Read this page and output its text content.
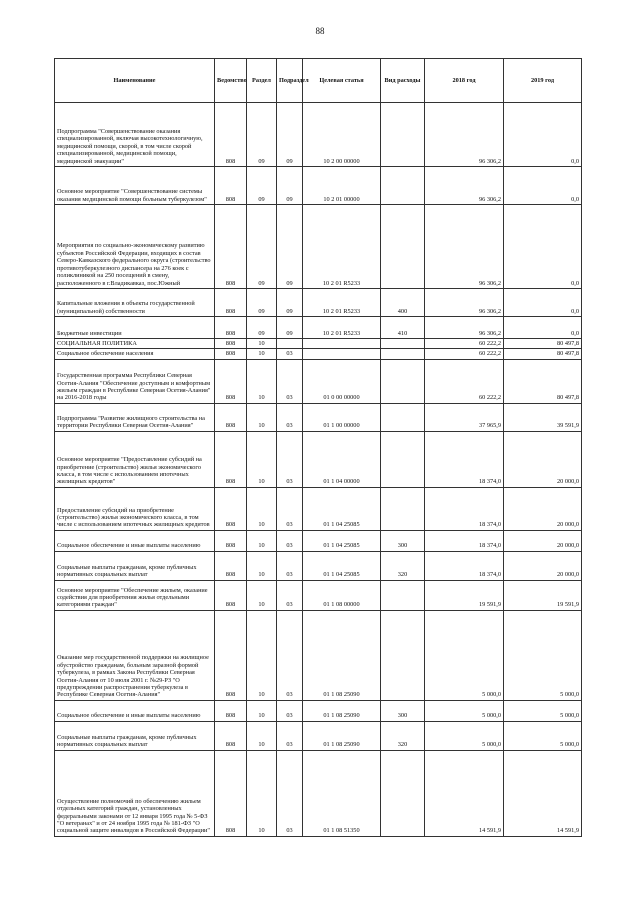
88
Наименование	Ведомство	Раздел	Подраздел	Целевая статья	Вид расходы	2018 год	2019 год
Подпрограмма "Совершенствование оказания специализированной, включая высокотехнологичную, медицинской помощи, скорой, в том числе скорой специализированной, медицинской помощи, медицинской эвакуации"	808	09	09	10 2 00 00000		96 306,2	0,0
Основное мероприятие "Совершенствование системы оказания медицинской помощи больным туберкулезом"	808	09	09	10 2 01 00000		96 306,2	0,0
Мероприятия по социально-экономическому развитию субъектов Российской Федерации, входящих в состав Северо-Кавказского федерального округа (строительство противотуберкулезного диспансера на 276 коек с поликлиникой на 250 посещений в смену, расположенного в г.Владикавказ, пос.Южный	808	09	09	10 2 01 R5233		96 306,2	0,0
Капитальные вложения в объекты государственной (муниципальной) собственности	808	09	09	10 2 01 R5233	400	96 306,2	0,0
Бюджетные инвестиции	808	09	09	10 2 01 R5233	410	96 306,2	0,0
СОЦИАЛЬНАЯ ПОЛИТИКА	808	10				60 222,2	80 497,8
Социальное обеспечение населения	808	10	03			60 222,2	80 497,8
Государственная программа Республики Северная Осетия-Алания "Обеспечение доступным и комфортным жильем граждан в Республике Северная Осетия-Алания" на 2016-2018 годы	808	10	03	01 0 00 00000		60 222,2	80 497,8
Подпрограмма "Развитие жилищного строительства на территории Республики Северная Осетия-Алания"	808	10	03	01 1 00 00000		37 965,9	39 591,9
Основное мероприятие "Предоставление субсидий на приобретение (строительство) жилья экономического класса, в том числе с использованием ипотечных жилищных кредитов"	808	10	03	01 1 04 00000		18 374,0	20 000,0
Предоставление субсидий на приобретение (строительство) жилья экономического класса, в том числе с использованием ипотечных жилищных кредитов	808	10	03	01 1 04 25085		18 374,0	20 000,0
Социальное обеспечение и иные выплаты населению	808	10	03	01 1 04 25085	300	18 374,0	20 000,0
Социальные выплаты гражданам, кроме публичных нормативных социальных выплат	808	10	03	01 1 04 25085	320	18 374,0	20 000,0
Основное мероприятие "Обеспечение жильем, оказание содействия для приобретения жилья отдельными категориями граждан"	808	10	03	01 1 08 00000		19 591,9	19 591,9
Оказание мер государственной поддержки на жилищное обустройство гражданам, больным заразной формой туберкулеза, в рамках Закона Республики Северная Осетия-Алания от 10 июля 2001 г. №29-РЗ "О предупреждении распространения туберкулеза в Республике Северная Осетия-Алания"	808	10	03	01 1 08 25090		5 000,0	5 000,0
Социальное обеспечение и иные выплаты населению	808	10	03	01 1 08 25090	300	5 000,0	5 000,0
Социальные выплаты гражданам, кроме публичных нормативных социальных выплат	808	10	03	01 1 08 25090	320	5 000,0	5 000,0
Осуществление полномочий по обеспечению жильем отдельных категорий граждан, установленных федеральными законами от 12 января 1995 года № 5-ФЗ "О ветеранах" и от 24 ноября 1995 года № 181-ФЗ "О социальной защите инвалидов в Российской Федерации"	808	10	03	01 1 08 51350		14 591,9	14 591,9
